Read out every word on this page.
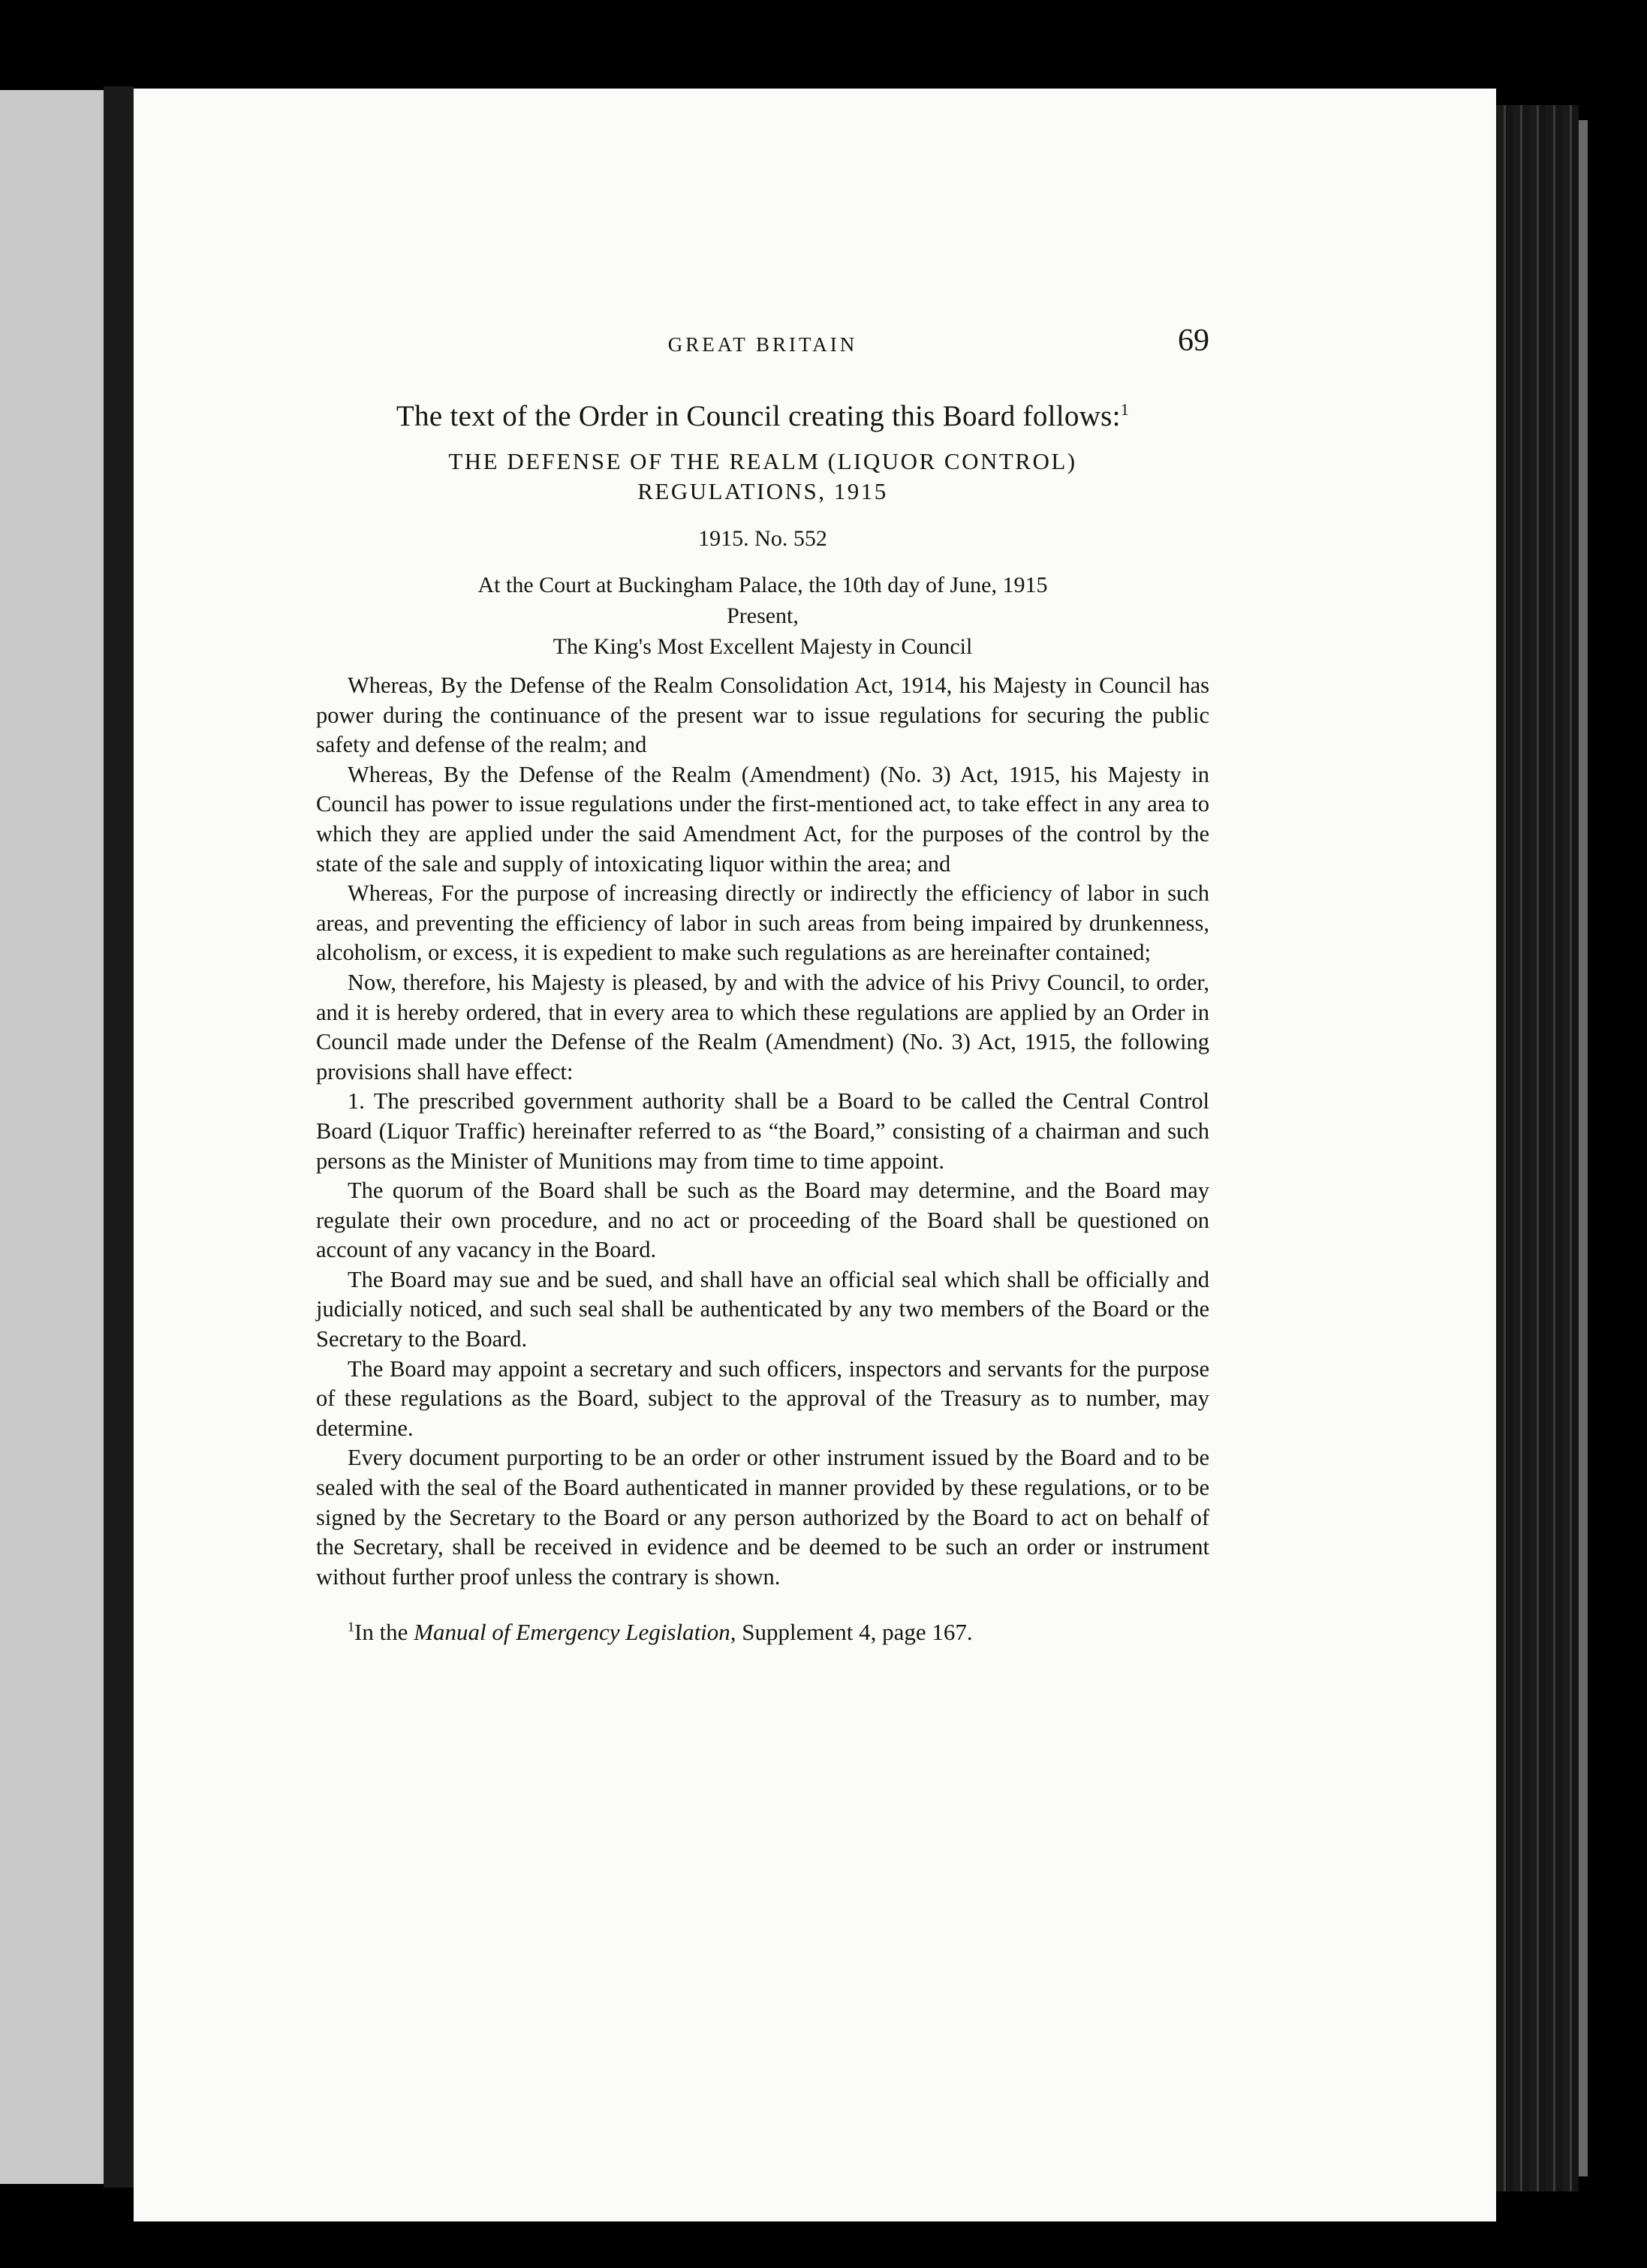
GREAT BRITAIN	69
The text of the Order in Council creating this Board follows:$^1$
THE DEFENSE OF THE REALM (LIQUOR CONTROL)
REGULATIONS, 1915
1915. No. 552
At the Court at Buckingham Palace, the 10th day of June, 1915
Present,
The King's Most Excellent Majesty in Council

Whereas, By the Defense of the Realm Consolidation Act, 1914, his Majesty in Council has power during the continuance of the present war to issue regulations for securing the public safety and defense of the realm; and

Whereas, By the Defense of the Realm (Amendment) (No. 3) Act, 1915, his Majesty in Council has power to issue regulations under the first-mentioned act, to take effect in any area to which they are applied under the said Amendment Act, for the purposes of the control by the state of the sale and supply of intoxicating liquor within the area; and

Whereas, For the purpose of increasing directly or indirectly the efficiency of labor in such areas, and preventing the efficiency of labor in such areas from being impaired by drunkenness, alcoholism, or excess, it is expedient to make such regulations as are hereinafter contained;

Now, therefore, his Majesty is pleased, by and with the advice of his Privy Council, to order, and it is hereby ordered, that in every area to which these regulations are applied by an Order in Council made under the Defense of the Realm (Amendment) (No. 3) Act, 1915, the following provisions shall have effect:

1. The prescribed government authority shall be a Board to be called the Central Control Board (Liquor Traffic) hereinafter referred to as “the Board,” consisting of a chairman and such persons as the Minister of Munitions may from time to time appoint.

The quorum of the Board shall be such as the Board may determine, and the Board may regulate their own procedure, and no act or proceeding of the Board shall be questioned on account of any vacancy in the Board.

The Board may sue and be sued, and shall have an official seal which shall be officially and judicially noticed, and such seal shall be authenticated by any two members of the Board or the Secretary to the Board.

The Board may appoint a secretary and such officers, inspectors and servants for the purpose of these regulations as the Board, subject to the approval of the Treasury as to number, may determine.

Every document purporting to be an order or other instrument issued by the Board and to be sealed with the seal of the Board authenticated in manner provided by these regulations, or to be signed by the Secretary to the Board or any person authorized by the Board to act on behalf of the Secretary, shall be received in evidence and be deemed to be such an order or instrument without further proof unless the contrary is shown.

$^1$In the Manual of Emergency Legislation, Supplement 4, page 167.
